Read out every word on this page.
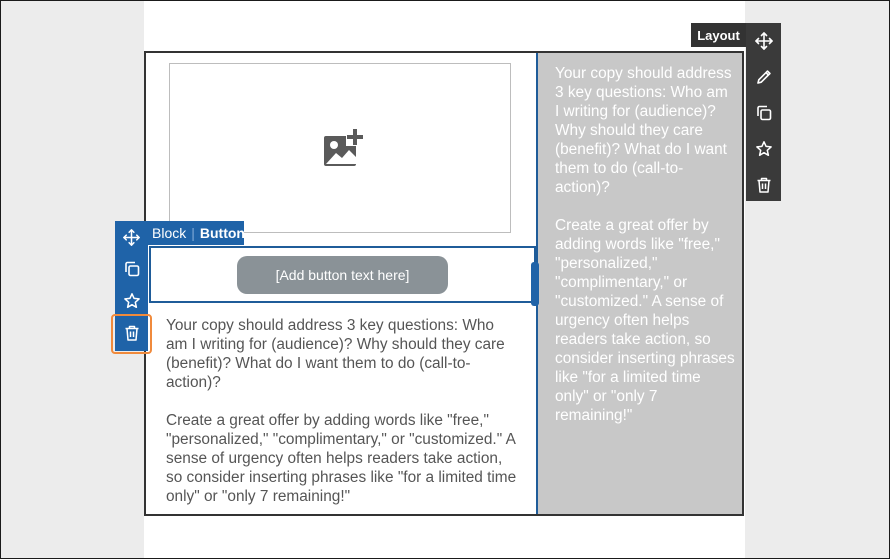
[Add button text here]

Your copy should address 3 key questions: Who am I writing for (audience)? Why should they care (benefit)? What do I want them to do (call-to-action)?

Create a great offer by adding words like "free," "personalized," "complimentary," or "customized." A sense of urgency often helps readers take action, so consider inserting phrases like "for a limited time only" or "only 7 remaining!"

Your copy should address 3 key questions: Who am I writing for (audience)? Why should they care (benefit)? What do I want them to do (call-to-action)?

Create a great offer by adding words like "free," "personalized," "complimentary," or "customized." A sense of urgency often helps readers take action, so consider inserting phrases like "for a limited time only" or "only 7 remaining!"

Layout
Block | Button
